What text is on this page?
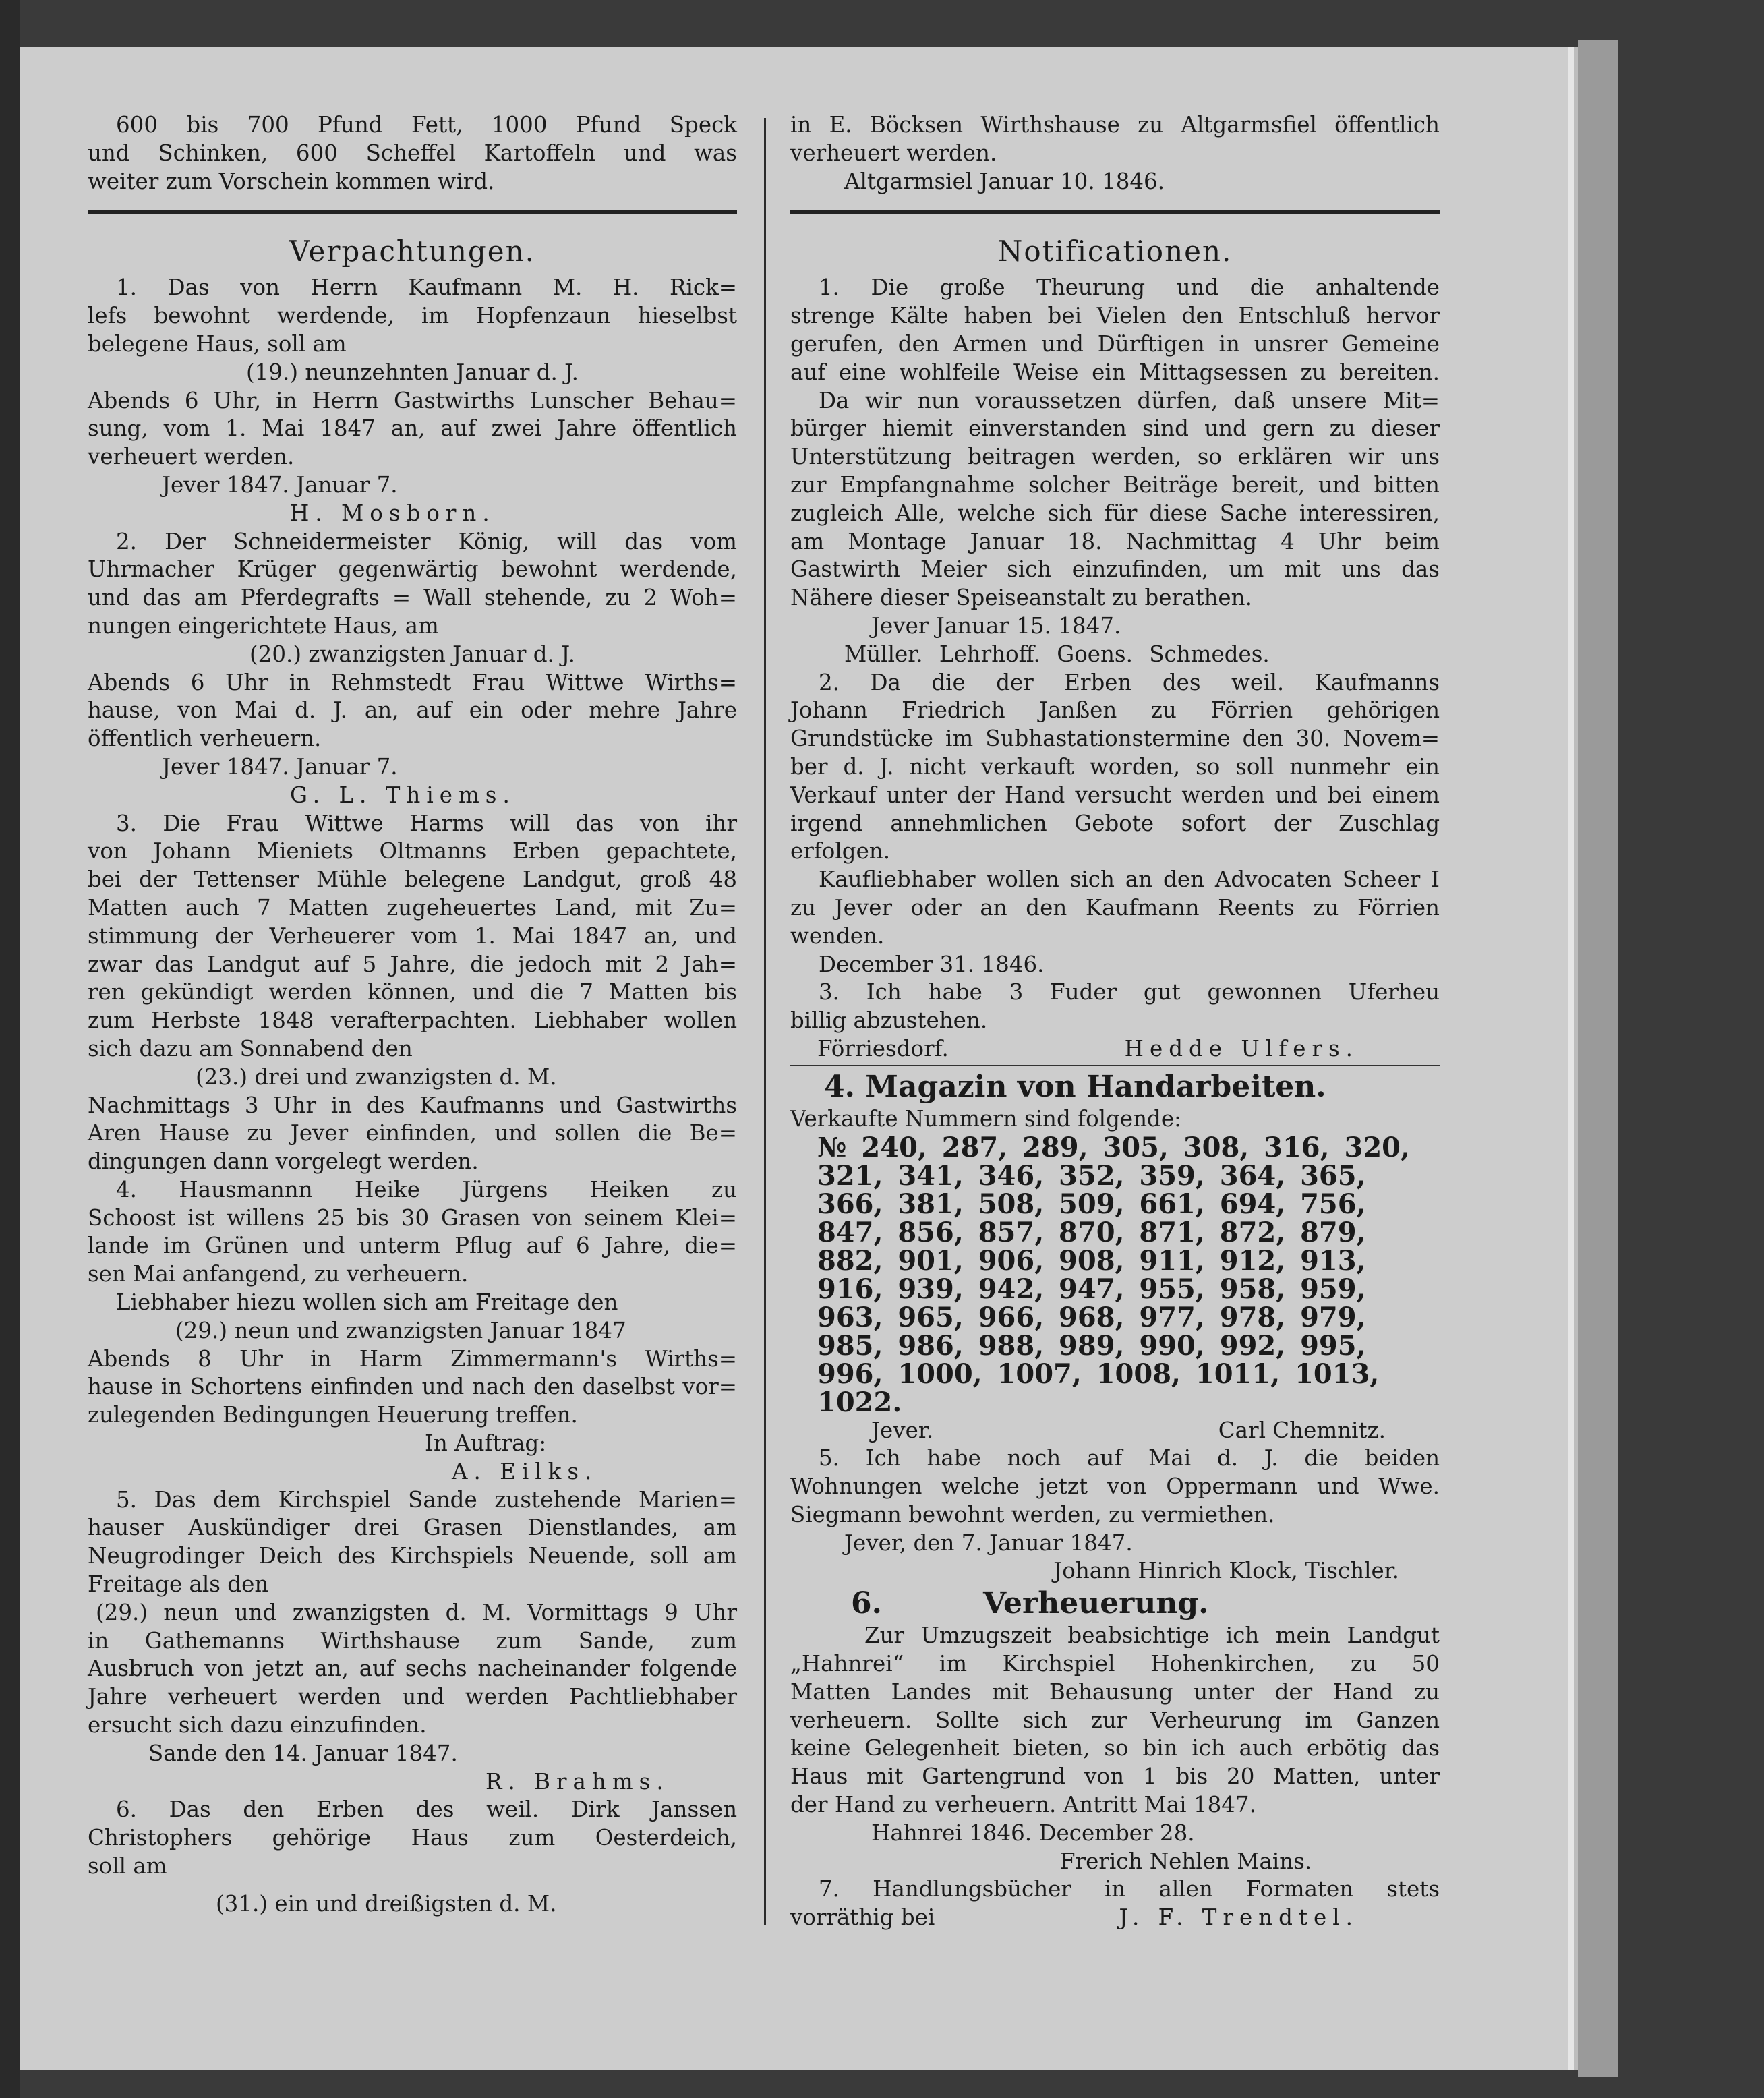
600 bis 700 Pfund Fett, 1000 Pfund Speck

und Schinken, 600 Scheffel Kartoffeln und was

weiter zum Vorschein kommen wird.

Verpachtungen.

1. Das von Herrn Kaufmann M. H. Rick=

lefs bewohnt werdende, im Hopfenzaun hieselbst

belegene Haus, soll am

(19.) neunzehnten Januar d. J.

Abends 6 Uhr, in Herrn Gastwirths Lunscher Behau=

sung, vom 1. Mai 1847 an, auf zwei Jahre öffentlich

verheuert werden.

Jever 1847. Januar 7.

H. Mosborn.

2. Der Schneidermeister König, will das vom

Uhrmacher Krüger gegenwärtig bewohnt werdende,

und das am Pferdegrafts = Wall stehende, zu 2 Woh=

nungen eingerichtete Haus, am

(20.) zwanzigsten Januar d. J.

Abends 6 Uhr in Rehmstedt Frau Wittwe Wirths=

hause, von Mai d. J. an, auf ein oder mehre Jahre

öffentlich verheuern.

Jever 1847. Januar 7.

G. L. Thiems.

3. Die Frau Wittwe Harms will das von ihr

von Johann Mieniets Oltmanns Erben gepachtete,

bei der Tettenser Mühle belegene Landgut, groß 48

Matten auch 7 Matten zugeheuertes Land, mit Zu=

stimmung der Verheuerer vom 1. Mai 1847 an, und

zwar das Landgut auf 5 Jahre, die jedoch mit 2 Jah=

ren gekündigt werden können, und die 7 Matten bis

zum Herbste 1848 verafterpachten. Liebhaber wollen

sich dazu am Sonnabend den

(23.) drei und zwanzigsten d. M.

Nachmittags 3 Uhr in des Kaufmanns und Gastwirths

Aren Hause zu Jever einfinden, und sollen die Be=

dingungen dann vorgelegt werden.

4. Hausmannn Heike Jürgens Heiken zu

Schoost ist willens 25 bis 30 Grasen von seinem Klei=

lande im Grünen und unterm Pflug auf 6 Jahre, die=

sen Mai anfangend, zu verheuern.

Liebhaber hiezu wollen sich am Freitage den

(29.) neun und zwanzigsten Januar 1847

Abends 8 Uhr in Harm Zimmermann's Wirths=

hause in Schortens einfinden und nach den daselbst vor=

zulegenden Bedingungen Heuerung treffen.

In Auftrag:

A. Eilks.

5. Das dem Kirchspiel Sande zustehende Marien=

hauser Auskündiger drei Grasen Dienstlandes, am

Neugrodinger Deich des Kirchspiels Neuende, soll am

Freitage als den

(29.) neun und zwanzigsten d. M. Vormittags 9 Uhr

in Gathemanns Wirthshause zum Sande, zum

Ausbruch von jetzt an, auf sechs nacheinander folgende

Jahre verheuert werden und werden Pachtliebhaber

ersucht sich dazu einzufinden.

Sande den 14. Januar 1847.

R. Brahms.

6. Das den Erben des weil. Dirk Janssen

Christophers gehörige Haus zum Oesterdeich,

soll am

(31.) ein und dreißigsten d. M.

in E. Böcksen Wirthshause zu Altgarmsfiel öffentlich

verheuert werden.

Altgarmsiel Januar 10. 1846.

Notificationen.

1. Die große Theurung und die anhaltende

strenge Kälte haben bei Vielen den Entschluß hervor

gerufen, den Armen und Dürftigen in unsrer Gemeine

auf eine wohlfeile Weise ein Mittagsessen zu bereiten.

Da wir nun voraussetzen dürfen, daß unsere Mit=

bürger hiemit einverstanden sind und gern zu dieser

Unterstützung beitragen werden, so erklären wir uns

zur Empfangnahme solcher Beiträge bereit, und bitten

zugleich Alle, welche sich für diese Sache interessiren,

am Montage Januar 18. Nachmittag 4 Uhr beim

Gastwirth Meier sich einzufinden, um mit uns das

Nähere dieser Speiseanstalt zu berathen.

Jever Januar 15. 1847.

Müller. Lehrhoff. Goens. Schmedes.

2. Da die der Erben des weil. Kaufmanns

Johann Friedrich Janßen zu Förrien gehörigen

Grundstücke im Subhastationstermine den 30. Novem=

ber d. J. nicht verkauft worden, so soll nunmehr ein

Verkauf unter der Hand versucht werden und bei einem

irgend annehmlichen Gebote sofort der Zuschlag erfolgen.

Kaufliebhaber wollen sich an den Advocaten Scheer I

zu Jever oder an den Kaufmann Reents zu Förrien

wenden.

December 31. 1846.

3. Ich habe 3 Fuder gut gewonnen Uferheu

billig abzustehen.

Förriesdorf.	Hedde Ulfers.

4. Magazin von Handarbeiten.

Verkaufte Nummern sind folgende:

№ 240, 287, 289, 305, 308, 316, 320,

321, 341, 346, 352, 359, 364, 365,

366, 381, 508, 509, 661, 694, 756,

847, 856, 857, 870, 871, 872, 879,

882, 901, 906, 908, 911, 912, 913,

916, 939, 942, 947, 955, 958, 959,

963, 965, 966, 968, 977, 978, 979,

985, 986, 988, 989, 990, 992, 995,

996, 1000, 1007, 1008, 1011, 1013,

1022.

Jever.	Carl Chemnitz.

5. Ich habe noch auf Mai d. J. die beiden

Wohnungen welche jetzt von Oppermann und Wwe.

Siegmann bewohnt werden, zu vermiethen.

Jever, den 7. Januar 1847.

Johann Hinrich Klock, Tischler.

6.	Verheuerung.

Zur Umzugszeit beabsichtige ich mein Landgut

„Hahnrei“ im Kirchspiel Hohenkirchen, zu 50

Matten Landes mit Behausung unter der Hand zu

verheuern. Sollte sich zur Verheurung im Ganzen

keine Gelegenheit bieten, so bin ich auch erbötig das

Haus mit Gartengrund von 1 bis 20 Matten, unter

der Hand zu verheuern. Antritt Mai 1847.

Hahnrei 1846. December 28.

Frerich Nehlen Mains.

7. Handlungsbücher in allen Formaten stets

vorräthig bei	J. F. Trendtel.
